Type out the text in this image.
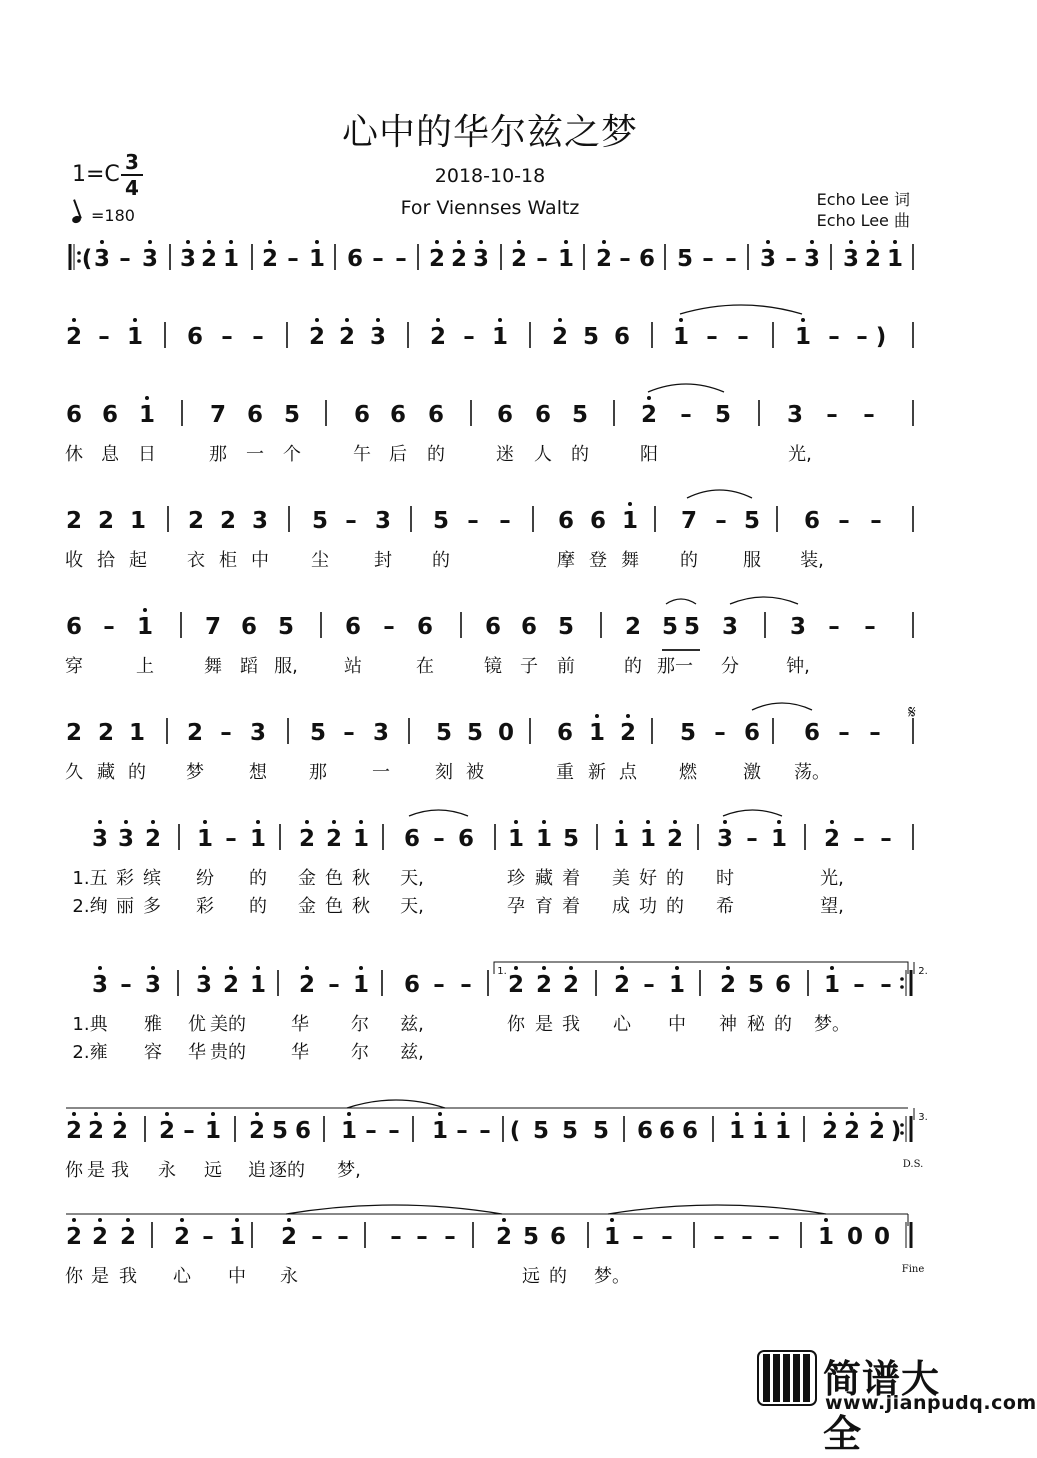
心中的华尔兹之梦
1=C 3
4
=180
2018-10-18
For Viennses Waltz	Echo Lee 词
Echo Lee 曲
( 3 – 3 3 2 1 2 – 1 6 – – 2 2 3 2 – 1 2 – 6 5 – – 3 – 3 3 2 1
2 – 1 6 – – 2 2 3 2 – 1 2 5 6 1 – – 1 – – )
6 6 1 7 6 5 6 6 6 6 6 5 2 – 5 3 – –
休 息 日	那 一 个	午 后 的	迷 人 的	阳	光,
2 2 1 2 2 3 5 – 3 5 – – 6 6 1 7 – 5 6 – –
收 拾 起 衣 柜 中 尘	封 的	摩 登 舞 的	服 装,
6 – 1 7 6 5 6 – 6 6 6 5 2 5 5 3 3 – –
穿	上	舞 蹈 服,	站	在	镜 子 前	的 那一 分	钟,
𝄋
2 2 1 2 – 3 5 – 3 5 5 0 6 1 2 5 – 6 6 – –
久 藏 的 梦	想 那	一	刻 被	重 新 点 燃	激 荡。
3 3 2 1 – 1 2 2 1 6 – 6 1 1 5 1 1 2 3 – 1 2 – –
1.五 彩 缤 纷 的 金 色 秋 天,	珍 藏 着 美 好 的 时	光,
2.绚 丽 多 彩 的 金 色 秋 天,	孕 育 着 成 功 的 希	望,
1.	2.
3 – 3 3 2 1 2 – 1 6 – – 2 2 2 2 – 1 2 5 6 1 – –
1.典 雅 优 美的	华 尔 兹,	你 是 我 心 中 神 秘 的 梦。
2.雍 容 华 贵的	华 尔 兹,
3.
D.S.
2 2 2 2 – 1 2 5 6 1 – – 1 – – ( 5 5 5 6 6 6 1 1 1 2 2 2 )
你 是 我 永 远 追 逐的 梦,
Fine
2 2 2 2 – 1 2 – – – – – 2 5 6 1 – – – – – 1 0 0
你 是 我 心 中 永	远 的 梦。
简谱大全
www.jianpudq.com
